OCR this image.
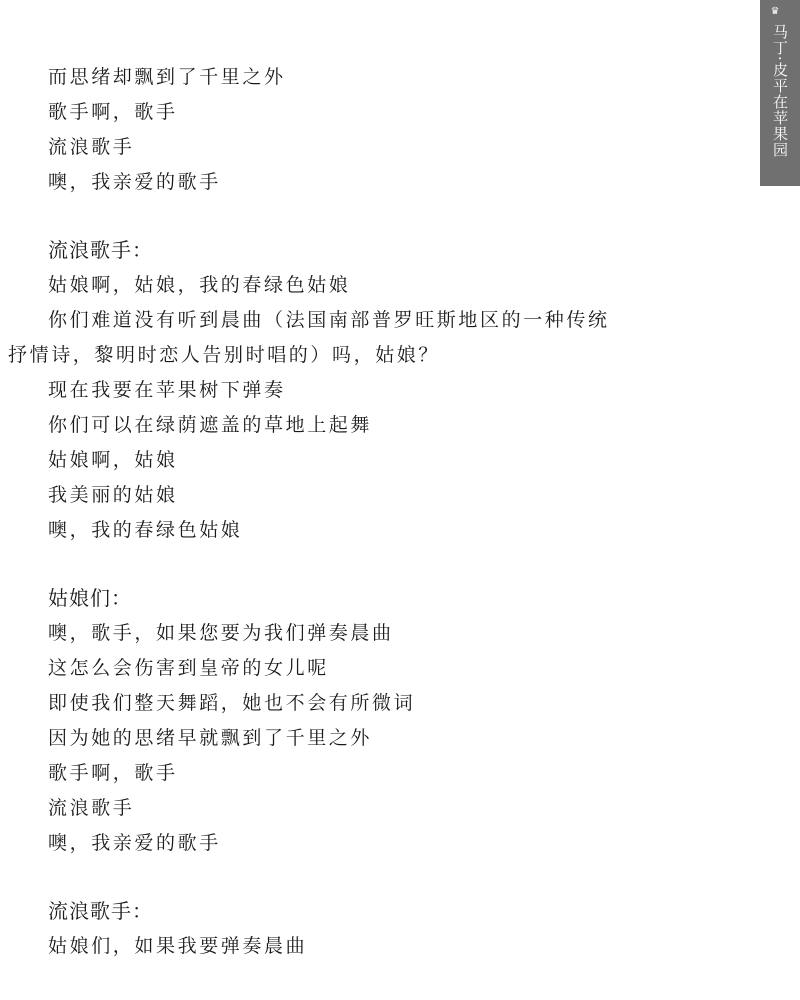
♛
马丁·皮平在苹果园
而思绪却飘到了千里之外
歌手啊，歌手
流浪歌手
噢，我亲爱的歌手
流浪歌手：
姑娘啊，姑娘，我的春绿色姑娘
你们难道没有听到晨曲（法国南部普罗旺斯地区的一种传统
抒情诗，黎明时恋人告别时唱的）吗，姑娘？
现在我要在苹果树下弹奏
你们可以在绿荫遮盖的草地上起舞
姑娘啊，姑娘
我美丽的姑娘
噢，我的春绿色姑娘
姑娘们：
噢，歌手，如果您要为我们弹奏晨曲
这怎么会伤害到皇帝的女儿呢
即使我们整天舞蹈，她也不会有所微词
因为她的思绪早就飘到了千里之外
歌手啊，歌手
流浪歌手
噢，我亲爱的歌手
流浪歌手：
姑娘们，如果我要弹奏晨曲
